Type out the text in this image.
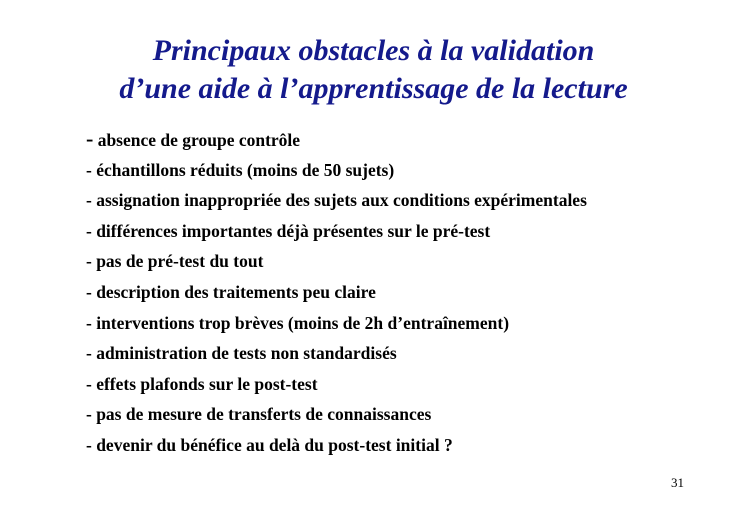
Principaux obstacles à la validation
d’une aide à l’apprentissage de la lecture
- absence de groupe contrôle
- échantillons réduits (moins de 50 sujets)
- assignation inappropriée des sujets aux conditions expérimentales
- différences importantes déjà présentes sur le pré-test
- pas de pré-test du tout
- description des traitements peu claire
- interventions trop brèves (moins de 2h d’entraînement)
- administration de tests non standardisés
- effets plafonds sur le post-test
- pas de mesure de transferts de connaissances
- devenir du bénéfice au delà du post-test initial ?
31
